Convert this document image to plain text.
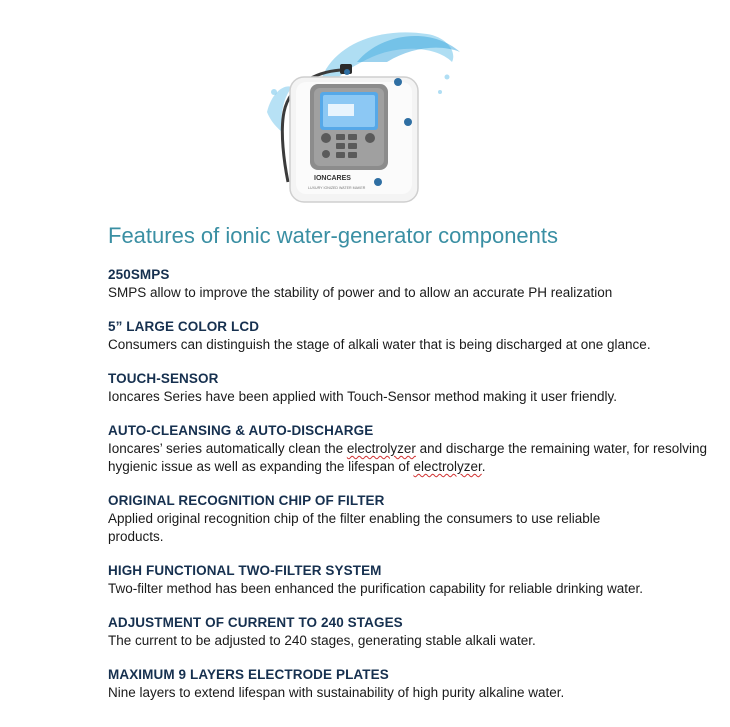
IONCARES
LUXURY IONIZED WATER MAKER
Features of ionic water-generator components
250SMPS
SMPS allow to improve the stability of power and to allow an accurate PH realization
5” LARGE COLOR LCD
Consumers can distinguish the stage of alkali water that is being discharged at one glance.
TOUCH-SENSOR
Ioncares Series have been applied with Touch-Sensor method making it user friendly.
AUTO-CLEANSING & AUTO-DISCHARGE
Ioncares’ series automatically clean the electrolyzer and discharge the remaining water, for resolving hygienic issue as well as expanding the lifespan of electrolyzer.
ORIGINAL RECOGNITION CHIP OF FILTER
Applied original recognition chip of the filter enabling the consumers to use reliable products.
HIGH FUNCTIONAL TWO-FILTER SYSTEM
Two-filter method has been enhanced the purification capability for reliable drinking water.
ADJUSTMENT OF CURRENT TO 240 STAGES
The current to be adjusted to 240 stages, generating stable alkali water.
MAXIMUM 9 LAYERS ELECTRODE PLATES
Nine layers to extend lifespan with sustainability of high purity alkaline water.
